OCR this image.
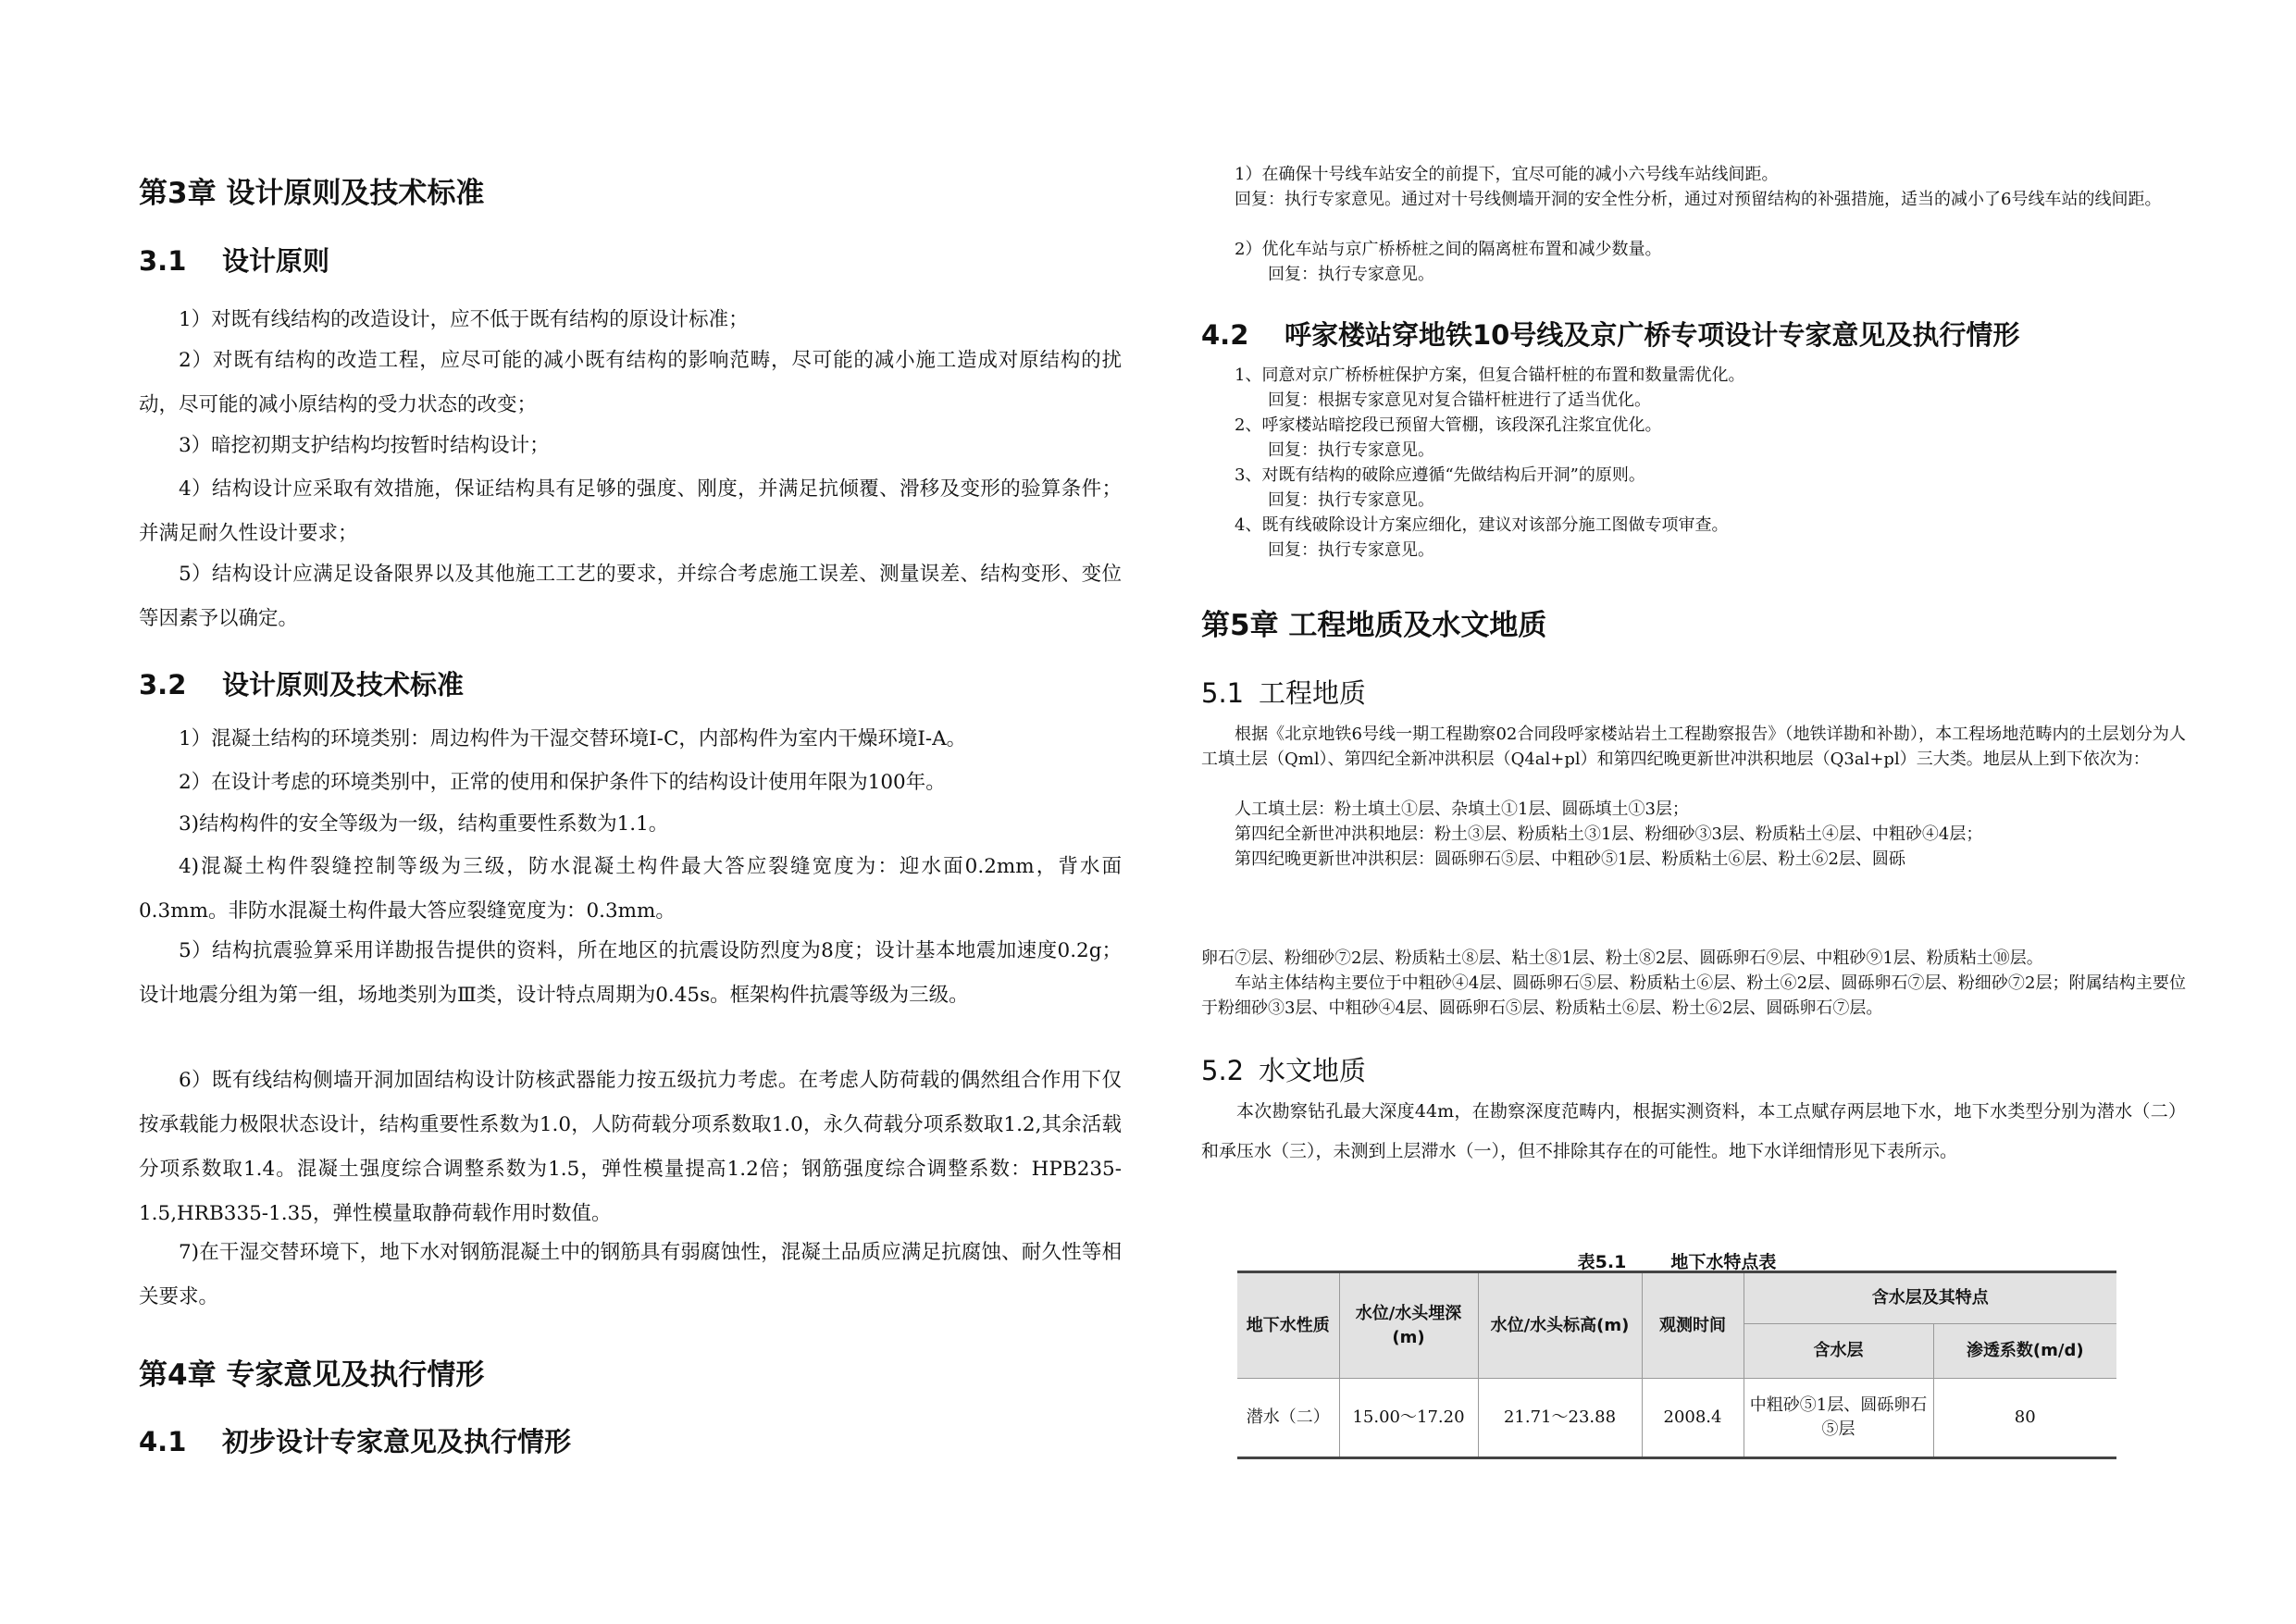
第3章 设计原则及技术标准
3.1 设计原则

1）对既有线结构的改造设计，应不低于既有结构的原设计标准；

2）对既有结构的改造工程，应尽可能的减小既有结构的影响范畴，尽可能的减小施工造成对原结构的扰动，尽可能的减小原结构的受力状态的改变；

3）暗挖初期支护结构均按暂时结构设计；

4）结构设计应采取有效措施，保证结构具有足够的强度、刚度，并满足抗倾覆、滑移及变形的验算条件；并满足耐久性设计要求；

5）结构设计应满足设备限界以及其他施工工艺的要求，并综合考虑施工误差、测量误差、结构变形、变位等因素予以确定。

3.2 设计原则及技术标准

1）混凝土结构的环境类别：周边构件为干湿交替环境I-C，内部构件为室内干燥环境I-A。

2）在设计考虑的环境类别中，正常的使用和保护条件下的结构设计使用年限为100年。

3)结构构件的安全等级为一级，结构重要性系数为1.1。

4)混凝土构件裂缝控制等级为三级，防水混凝土构件最大答应裂缝宽度为：迎水面0.2mm，背水面0.3mm。非防水混凝土构件最大答应裂缝宽度为：0.3mm。

5）结构抗震验算采用详勘报告提供的资料，所在地区的抗震设防烈度为8度；设计基本地震加速度0.2g；设计地震分组为第一组，场地类别为Ⅲ类，设计特点周期为0.45s。框架构件抗震等级为三级。

6）既有线结构侧墙开洞加固结构设计防核武器能力按五级抗力考虑。在考虑人防荷载的偶然组合作用下仅按承载能力极限状态设计，结构重要性系数为1.0，人防荷载分项系数取1.0，永久荷载分项系数取1.2,其余活载分项系数取1.4。混凝土强度综合调整系数为1.5，弹性模量提高1.2倍；钢筋强度综合调整系数：HPB235-1.5,HRB335-1.35，弹性模量取静荷载作用时数值。

7)在干湿交替环境下，地下水对钢筋混凝土中的钢筋具有弱腐蚀性，混凝土品质应满足抗腐蚀、耐久性等相关要求。

第4章 专家意见及执行情形
4.1 初步设计专家意见及执行情形

1）在确保十号线车站安全的前提下，宜尽可能的减小六号线车站线间距。

回复：执行专家意见。通过对十号线侧墙开洞的安全性分析，通过对预留结构的补强措施，适当的减小了6号线车站的线间距。

2）优化车站与京广桥桥桩之间的隔离桩布置和减少数量。

回复：执行专家意见。

4.2 呼家楼站穿地铁10号线及京广桥专项设计专家意见及执行情形

1、同意对京广桥桥桩保护方案，但复合锚杆桩的布置和数量需优化。

回复：根据专家意见对复合锚杆桩进行了适当优化。

2、呼家楼站暗挖段已预留大管棚，该段深孔注浆宜优化。

回复：执行专家意见。

3、对既有结构的破除应遵循“先做结构后开洞”的原则。

回复：执行专家意见。

4、既有线破除设计方案应细化，建议对该部分施工图做专项审查。

回复：执行专家意见。

第5章 工程地质及水文地质
5.1 工程地质

根据《北京地铁6号线一期工程勘察02合同段呼家楼站岩土工程勘察报告》（地铁详勘和补勘），本工程场地范畴内的土层划分为人工填土层（Qml）、第四纪全新冲洪积层（Q4al+pl）和第四纪晚更新世冲洪积地层（Q3al+pl）三大类。地层从上到下依次为：

人工填土层：粉土填土①层、杂填土①1层、圆砾填土①3层；

第四纪全新世冲洪积地层：粉土③层、粉质粘土③1层、粉细砂③3层、粉质粘土④层、中粗砂④4层；

第四纪晚更新世冲洪积层：圆砾卵石⑤层、中粗砂⑤1层、粉质粘土⑥层、粉土⑥2层、圆砾

卵石⑦层、粉细砂⑦2层、粉质粘土⑧层、粘土⑧1层、粉土⑧2层、圆砾卵石⑨层、中粗砂⑨1层、粉质粘土⑩层。

车站主体结构主要位于中粗砂④4层、圆砾卵石⑤层、粉质粘土⑥层、粉土⑥2层、圆砾卵石⑦层、粉细砂⑦2层；附属结构主要位于粉细砂③3层、中粗砂④4层、圆砾卵石⑤层、粉质粘土⑥层、粉土⑥2层、圆砾卵石⑦层。

5.2 水文地质

本次勘察钻孔最大深度44m，在勘察深度范畴内，根据实测资料，本工点赋存两层地下水，地下水类型分别为潜水（二）和承压水（三），未测到上层滞水（一），但不排除其存在的可能性。地下水详细情形见下表所示。

表5.1	地下水特点表
地下水性质	水位/水头埋深(m)	水位/水头标高(m)	观测时间	含水层及其特点	
				含水层	渗透系数(m/d)
潜水（二）	15.00～17.20	21.71～23.88	2008.4	中粗砂⑤1层、圆砾卵石⑤层	80
